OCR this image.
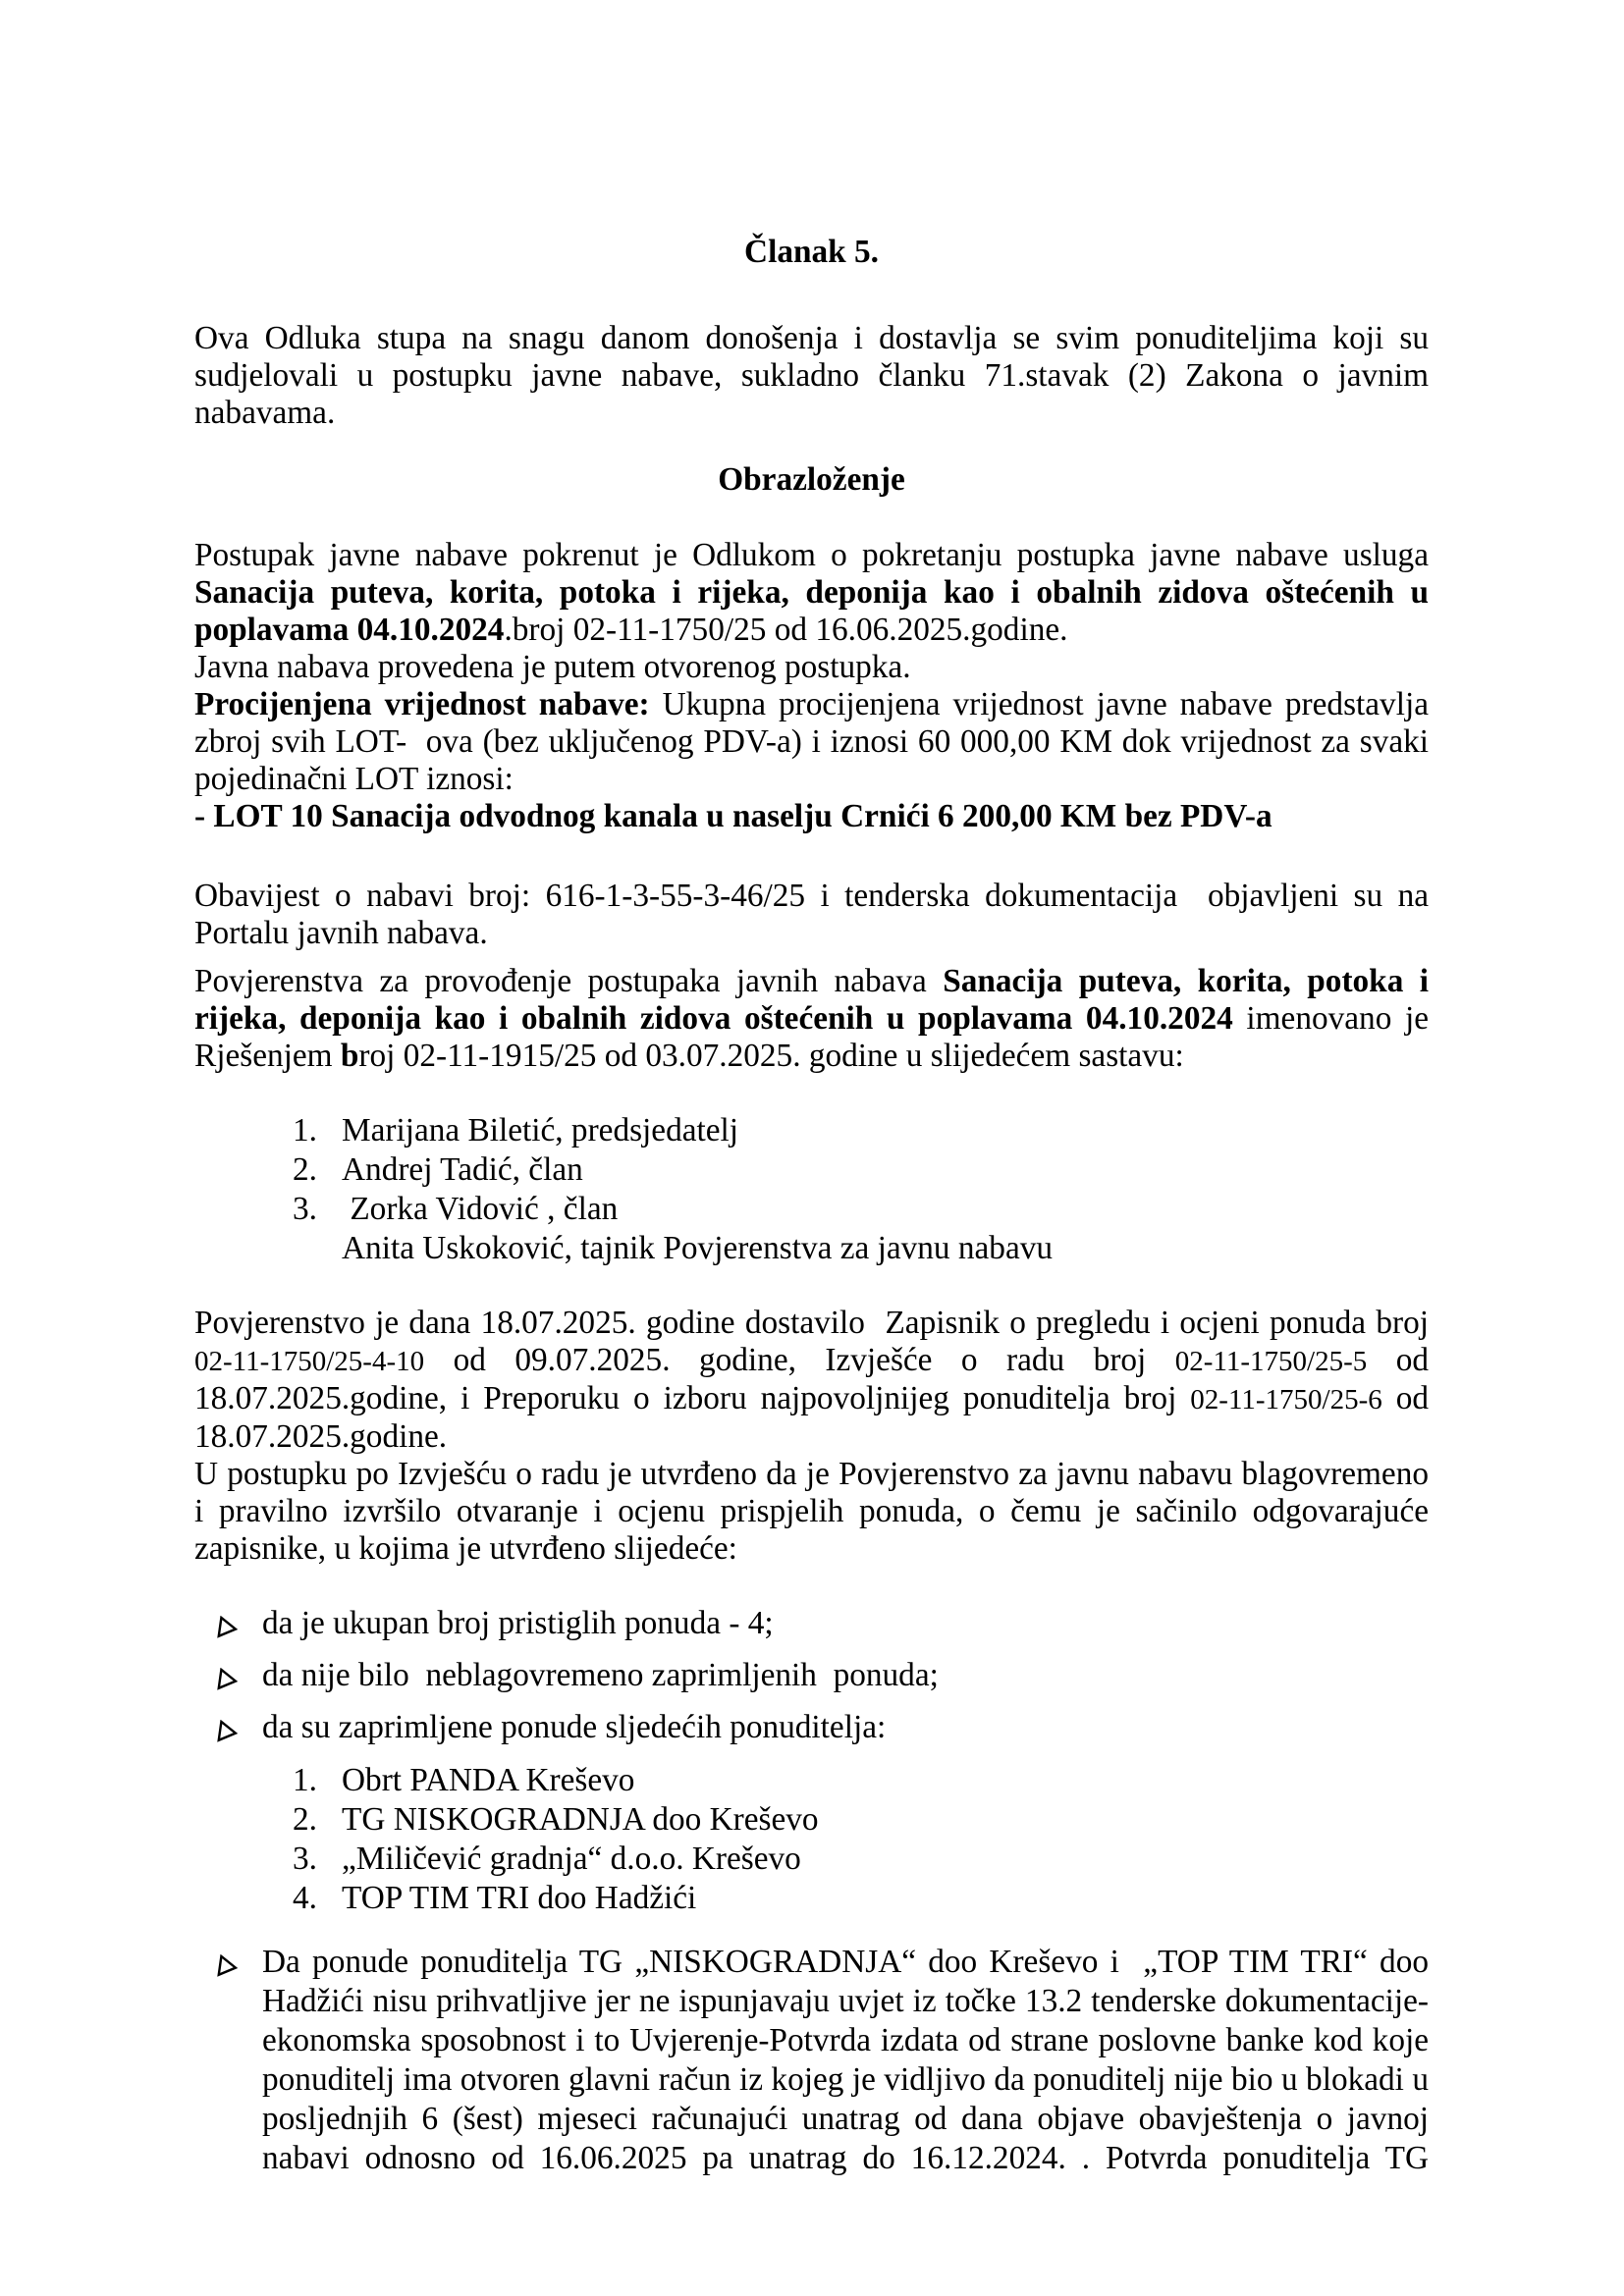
Članak 5.

Ova Odluka stupa na snagu danom donošenja i dostavlja se svim ponuditeljima koji su sudjelovali u postupku javne nabave, sukladno članku 71.stavak (2) Zakona o javnim nabavama.

Obrazloženje

Postupak javne nabave pokrenut je Odlukom o pokretanju postupka javne nabave usluga Sanacija puteva, korita, potoka i rijeka, deponija kao i obalnih zidova oštećenih u poplavama 04.10.2024.broj 02-11-1750/25 od 16.06.2025.godine.

Javna nabava provedena je putem otvorenog postupka.

Procijenjena vrijednost nabave: Ukupna procijenjena vrijednost javne nabave predstavlja zbroj svih LOT-  ova (bez uključenog PDV-a) i iznosi 60 000,00 KM dok vrijednost za svaki pojedinačni LOT iznosi:

- LOT 10 Sanacija odvodnog kanala u naselju Crnići 6 200,00 KM bez PDV-a

Obavijest o nabavi broj: 616-1-3-55-3-46/25 i tenderska dokumentacija  objavljeni su na Portalu javnih nabava.

Povjerenstva za provođenje postupaka javnih nabava Sanacija puteva, korita, potoka i rijeka, deponija kao i obalnih zidova oštećenih u poplavama 04.10.2024 imenovano je Rješenjem broj 02-11-1915/25 od 03.07.2025. godine u slijedećem sastavu:

1. Marijana Biletić, predsjedatelj
2. Andrej Tadić, član
3. Zorka Vidović , član
Anita Uskoković, tajnik Povjerenstva za javnu nabavu

Povjerenstvo je dana 18.07.2025. godine dostavilo  Zapisnik o pregledu i ocjeni ponuda broj 02-11-1750/25-4-10 od 09.07.2025. godine, Izvješće o radu broj 02-11-1750/25-5 od 18.07.2025.godine, i Preporuku o izboru najpovoljnijeg ponuditelja broj 02-11-1750/25-6 od 18.07.2025.godine.

U postupku po Izvješću o radu je utvrđeno da je Povjerenstvo za javnu nabavu blagovremeno i pravilno izvršilo otvaranje i ocjenu prispjelih ponuda, o čemu je sačinilo odgovarajuće zapisnike, u kojima je utvrđeno slijedeće:

da je ukupan broj pristiglih ponuda - 4;
da nije bilo  neblagovremeno zaprimljenih  ponuda;
da su zaprimljene ponude sljedećih ponuditelja:
1. Obrt PANDA Kreševo
2. TG NISKOGRADNJA doo Kreševo
3. „Miličević gradnja“ d.o.o. Kreševo
4. TOP TIM TRI doo Hadžići
Da ponude ponuditelja TG „NISKOGRADNJA“ doo Kreševo i  „TOP TIM TRI“ doo Hadžići nisu prihvatljive jer ne ispunjavaju uvjet iz točke 13.2 tenderske dokumentacije-ekonomska sposobnost i to Uvjerenje-Potvrda izdata od strane poslovne banke kod koje ponuditelj ima otvoren glavni račun iz kojeg je vidljivo da ponuditelj nije bio u blokadi u posljednjih 6 (šest) mjeseci računajući unatrag od dana objave obavještenja o javnoj nabavi odnosno od 16.06.2025 pa unatrag do 16.12.2024. . Potvrda ponuditelja TG
